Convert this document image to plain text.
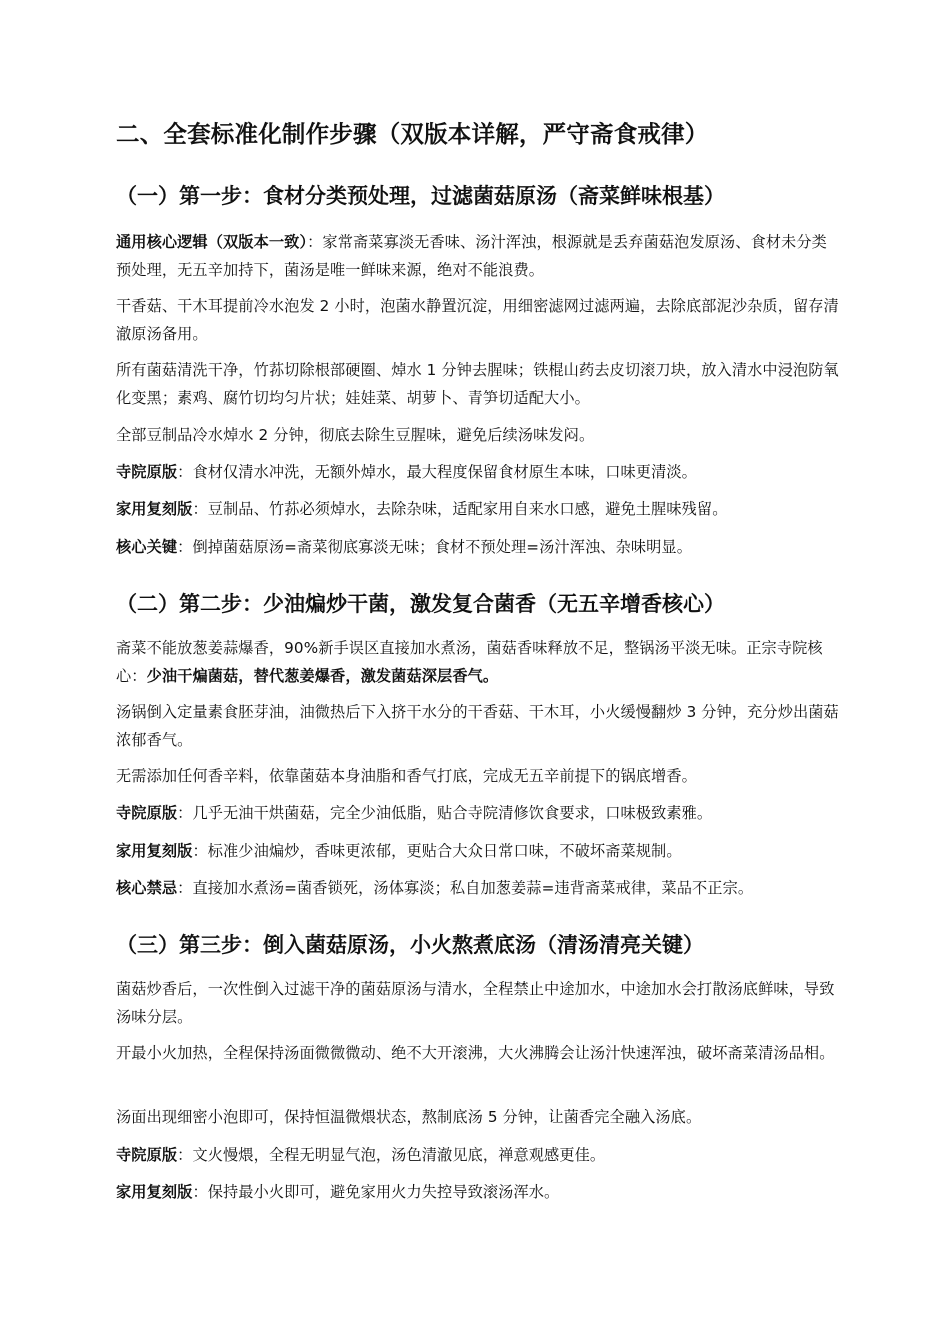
二、全套标准化制作步骤（双版本详解，严守斋食戒律）
（一）第一步：食材分类预处理，过滤菌菇原汤（斋菜鲜味根基）

通用核心逻辑（双版本一致）：家常斋菜寡淡无香味、汤汁浑浊，根源就是丢弃菌菇泡发原汤、食材未分类预处理，无五辛加持下，菌汤是唯一鲜味来源，绝对不能浪费。

干香菇、干木耳提前冷水泡发 2 小时，泡菌水静置沉淀，用细密滤网过滤两遍，去除底部泥沙杂质，留存清澈原汤备用。

所有菌菇清洗干净，竹荪切除根部硬圈、焯水 1 分钟去腥味；铁棍山药去皮切滚刀块，放入清水中浸泡防氧化变黑；素鸡、腐竹切均匀片状；娃娃菜、胡萝卜、青笋切适配大小。

全部豆制品冷水焯水 2 分钟，彻底去除生豆腥味，避免后续汤味发闷。

寺院原版：食材仅清水冲洗，无额外焯水，最大程度保留食材原生本味，口味更清淡。

家用复刻版：豆制品、竹荪必须焯水，去除杂味，适配家用自来水口感，避免土腥味残留。

核心关键：倒掉菌菇原汤=斋菜彻底寡淡无味；食材不预处理=汤汁浑浊、杂味明显。

（二）第二步：少油煸炒干菌，激发复合菌香（无五辛增香核心）

斋菜不能放葱姜蒜爆香，90%新手误区直接加水煮汤，菌菇香味释放不足，整锅汤平淡无味。正宗寺院核心：少油干煸菌菇，替代葱姜爆香，激发菌菇深层香气。

汤锅倒入定量素食胚芽油，油微热后下入挤干水分的干香菇、干木耳，小火缓慢翻炒 3 分钟，充分炒出菌菇浓郁香气。

无需添加任何香辛料，依靠菌菇本身油脂和香气打底，完成无五辛前提下的锅底增香。

寺院原版：几乎无油干烘菌菇，完全少油低脂，贴合寺院清修饮食要求，口味极致素雅。

家用复刻版：标准少油煸炒，香味更浓郁，更贴合大众日常口味，不破坏斋菜规制。

核心禁忌：直接加水煮汤=菌香锁死，汤体寡淡；私自加葱姜蒜=违背斋菜戒律，菜品不正宗。

（三）第三步：倒入菌菇原汤，小火熬煮底汤（清汤清亮关键）

菌菇炒香后，一次性倒入过滤干净的菌菇原汤与清水，全程禁止中途加水，中途加水会打散汤底鲜味，导致汤味分层。

开最小火加热，全程保持汤面微微微动、绝不大开滚沸，大火沸腾会让汤汁快速浑浊，破坏斋菜清汤品相。

汤面出现细密小泡即可，保持恒温微煨状态，熬制底汤 5 分钟，让菌香完全融入汤底。

寺院原版：文火慢煨，全程无明显气泡，汤色清澈见底，禅意观感更佳。

家用复刻版：保持最小火即可，避免家用火力失控导致滚汤浑水。
